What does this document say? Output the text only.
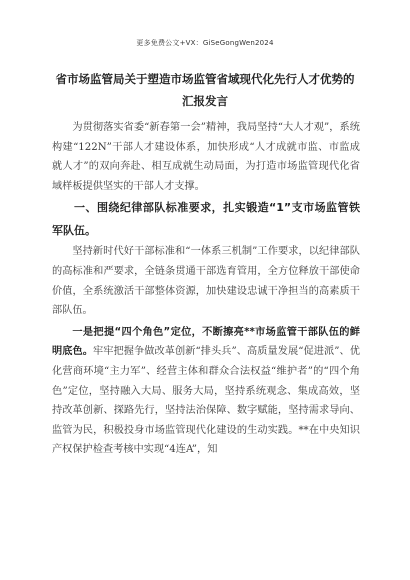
更多免费公文+VX：GiSeGongWen2024
省市场监管局关于塑造市场监管省域现代化先行人才优势的汇报发言

为贯彻落实省委“新春第一会”精神，我局坚持“大人才观”，系统构建“122N”干部人才建设体系，加快形成“人才成就市监、市监成就人才”的双向奔赴、相互成就生动局面，为打造市场监管现代化省域样板提供坚实的干部人才支撑。

一、围绕纪律部队标准要求，扎实锻造“1”支市场监管铁军队伍。

坚持新时代好干部标准和“一体系三机制”工作要求，以纪律部队的高标准和严要求，全链条贯通干部选育管用，全方位释放干部使命价值，全系统激活干部整体资源，加快建设忠诚干净担当的高素质干部队伍。

一是把提“四个角色”定位，不断擦亮**市场监管干部队伍的鲜明底色。牢牢把握争做改革创新“排头兵”、高质量发展“促进派”、优化营商环境“主力军”、经营主体和群众合法权益“维护者”的“四个角色”定位，坚持融入大局、服务大局，坚持系统观念、集成高效，坚持改革创新、探路先行，坚持法治保障、数字赋能，坚持需求导向、监管为民，积极投身市场监管现代化建设的生动实践。**在中央知识产权保护检查考核中实现“4连A”，知
